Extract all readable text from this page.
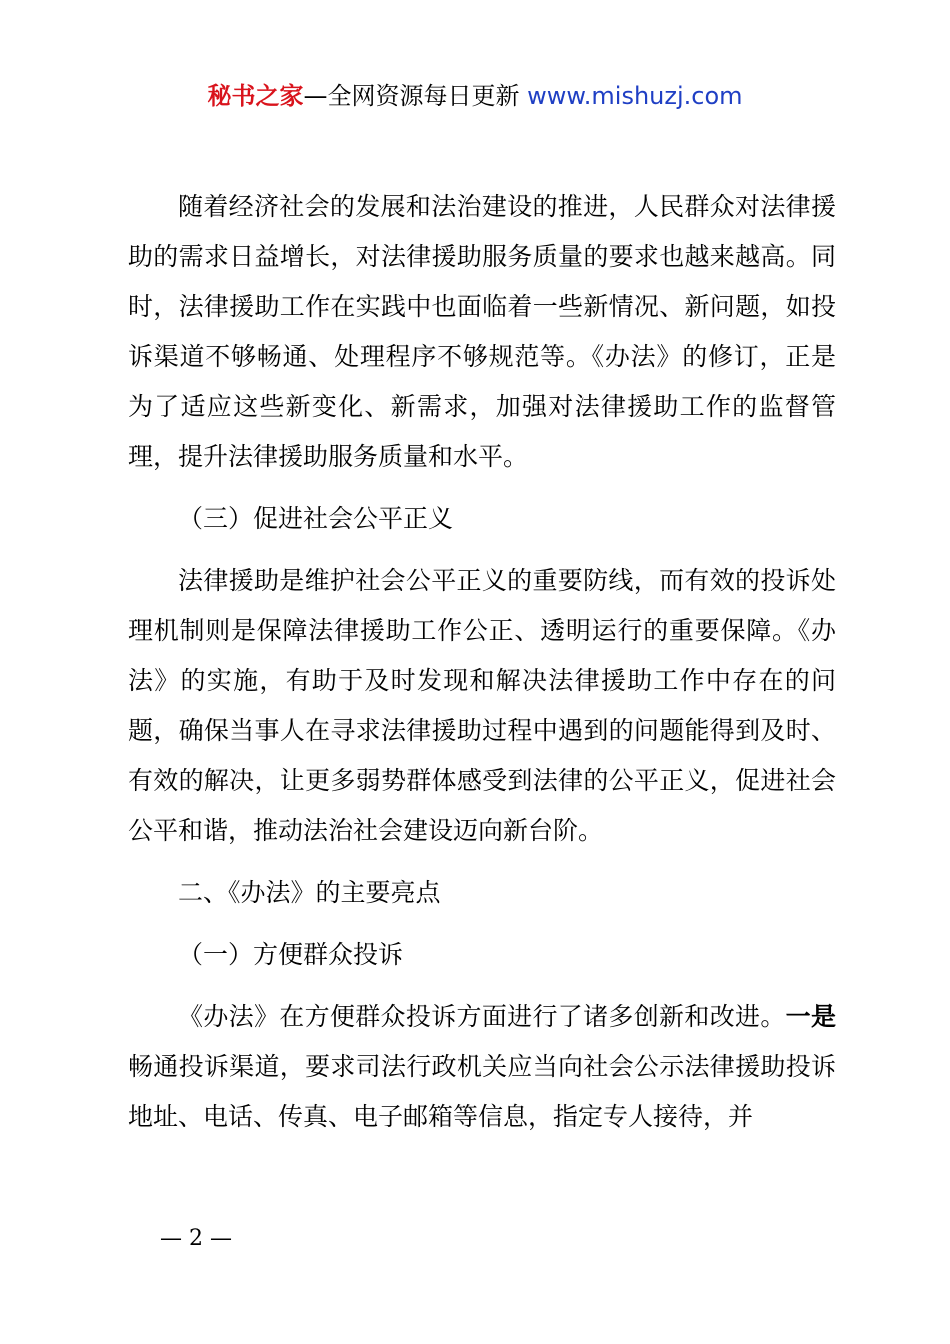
秘书之家—全网资源每日更新 www.mishuzj.com

随着经济社会的发展和法治建设的推进，人民群众对法律援助的需求日益增长，对法律援助服务质量的要求也越来越高。同时，法律援助工作在实践中也面临着一些新情况、新问题，如投诉渠道不够畅通、处理程序不够规范等。《办法》的修订，正是为了适应这些新变化、新需求，加强对法律援助工作的监督管理，提升法律援助服务质量和水平。

（三）促进社会公平正义

法律援助是维护社会公平正义的重要防线，而有效的投诉处理机制则是保障法律援助工作公正、透明运行的重要保障。《办法》的实施，有助于及时发现和解决法律援助工作中存在的问题，确保当事人在寻求法律援助过程中遇到的问题能得到及时、有效的解决，让更多弱势群体感受到法律的公平正义，促进社会公平和谐，推动法治社会建设迈向新台阶。

二、《办法》的主要亮点

（一）方便群众投诉

《办法》在方便群众投诉方面进行了诸多创新和改进。一是畅通投诉渠道，要求司法行政机关应当向社会公示法律援助投诉地址、电话、传真、电子邮箱等信息，指定专人接待，并

— 2 —
